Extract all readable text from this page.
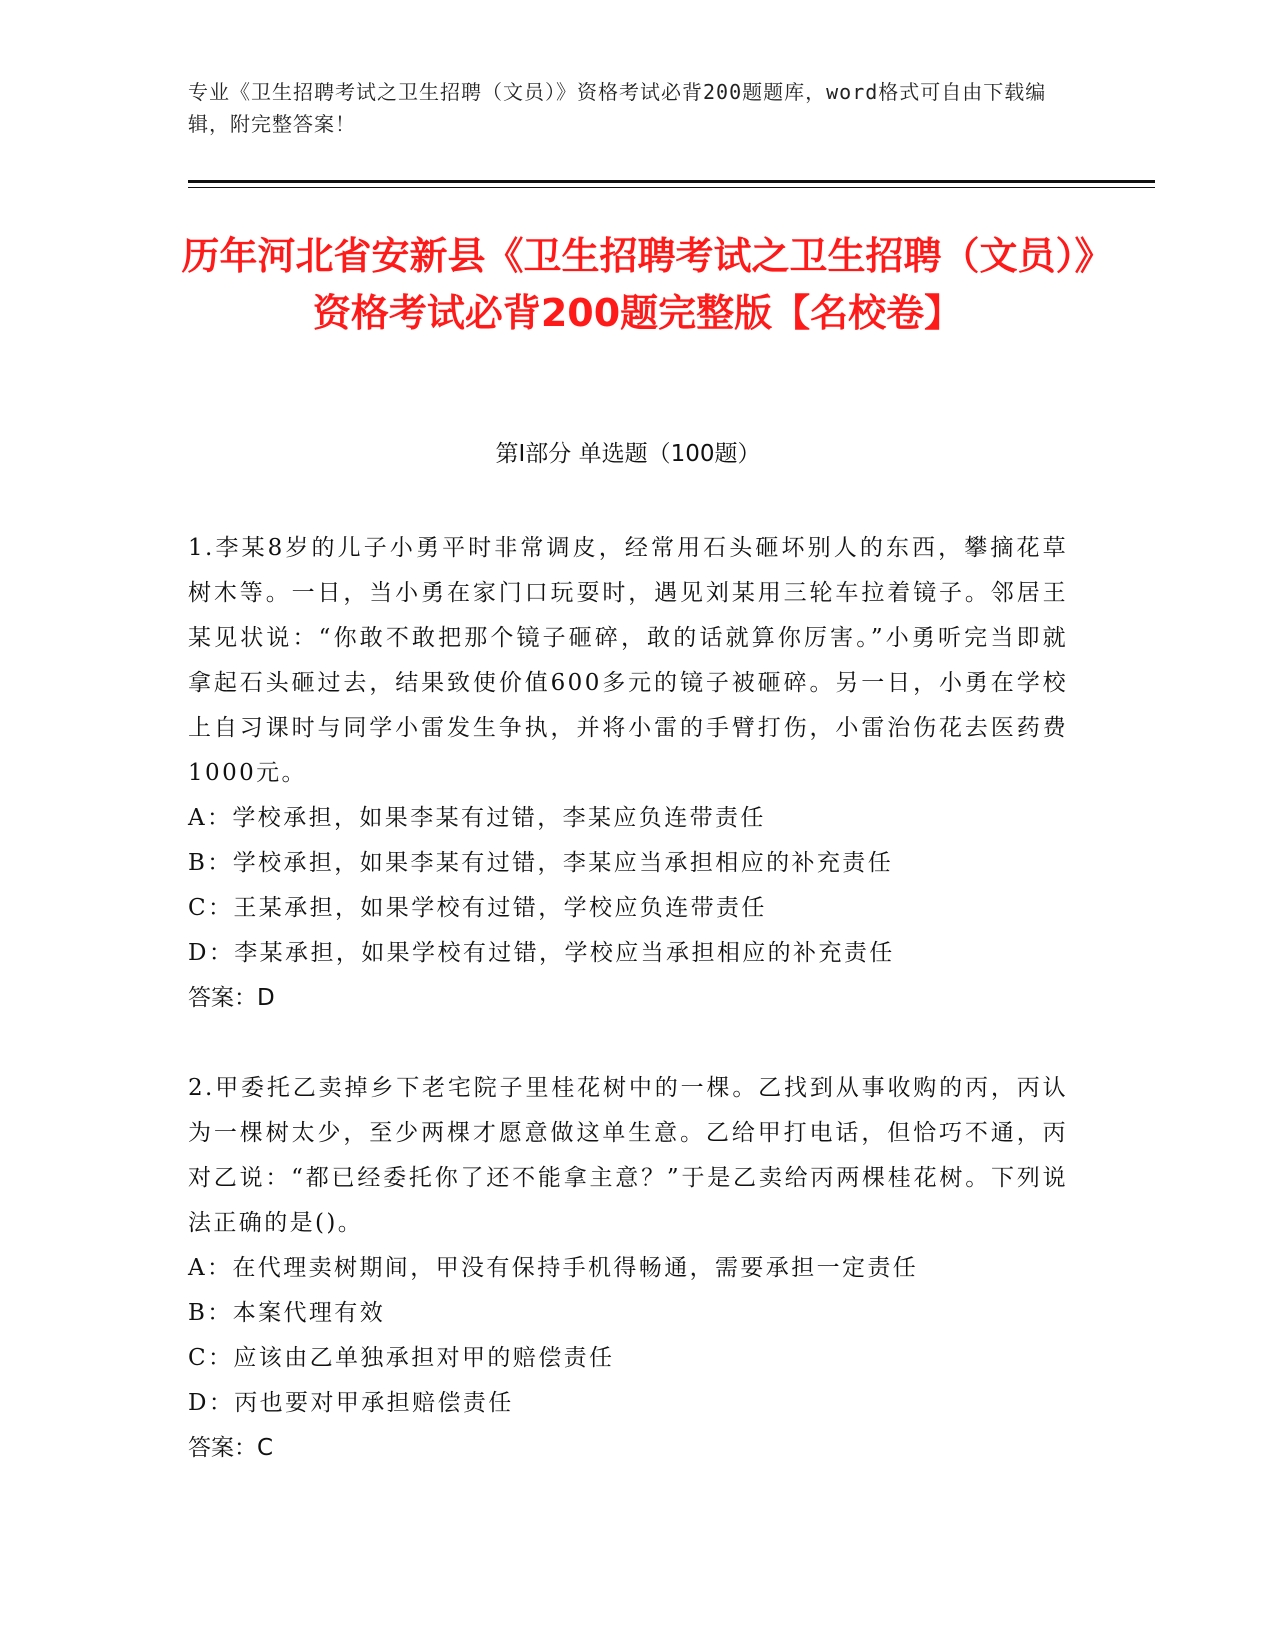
专业《卫生招聘考试之卫生招聘（文员）》资格考试必背200题题库，word格式可自由下载编辑，附完整答案！
历年河北省安新县《卫生招聘考试之卫生招聘（文员）》资格考试必背200题完整版【名校卷】
第Ⅰ部分 单选题（100题）

1.李某8岁的儿子小勇平时非常调皮，经常用石头砸坏别人的东西，攀摘花草树木等。一日，当小勇在家门口玩耍时，遇见刘某用三轮车拉着镜子。邻居王某见状说：“你敢不敢把那个镜子砸碎，敢的话就算你厉害。”小勇听完当即就拿起石头砸过去，结果致使价值600多元的镜子被砸碎。另一日，小勇在学校上自习课时与同学小雷发生争执，并将小雷的手臂打伤，小雷治伤花去医药费1000元。

A：学校承担，如果李某有过错，李某应负连带责任

B：学校承担，如果李某有过错，李某应当承担相应的补充责任

C：王某承担，如果学校有过错，学校应负连带责任

D：李某承担，如果学校有过错，学校应当承担相应的补充责任

答案：D

2.甲委托乙卖掉乡下老宅院子里桂花树中的一棵。乙找到从事收购的丙，丙认为一棵树太少，至少两棵才愿意做这单生意。乙给甲打电话，但恰巧不通，丙对乙说：“都已经委托你了还不能拿主意？”于是乙卖给丙两棵桂花树。下列说法正确的是()。

A：在代理卖树期间，甲没有保持手机得畅通，需要承担一定责任

B：本案代理有效

C：应该由乙单独承担对甲的赔偿责任

D：丙也要对甲承担赔偿责任

答案：C
